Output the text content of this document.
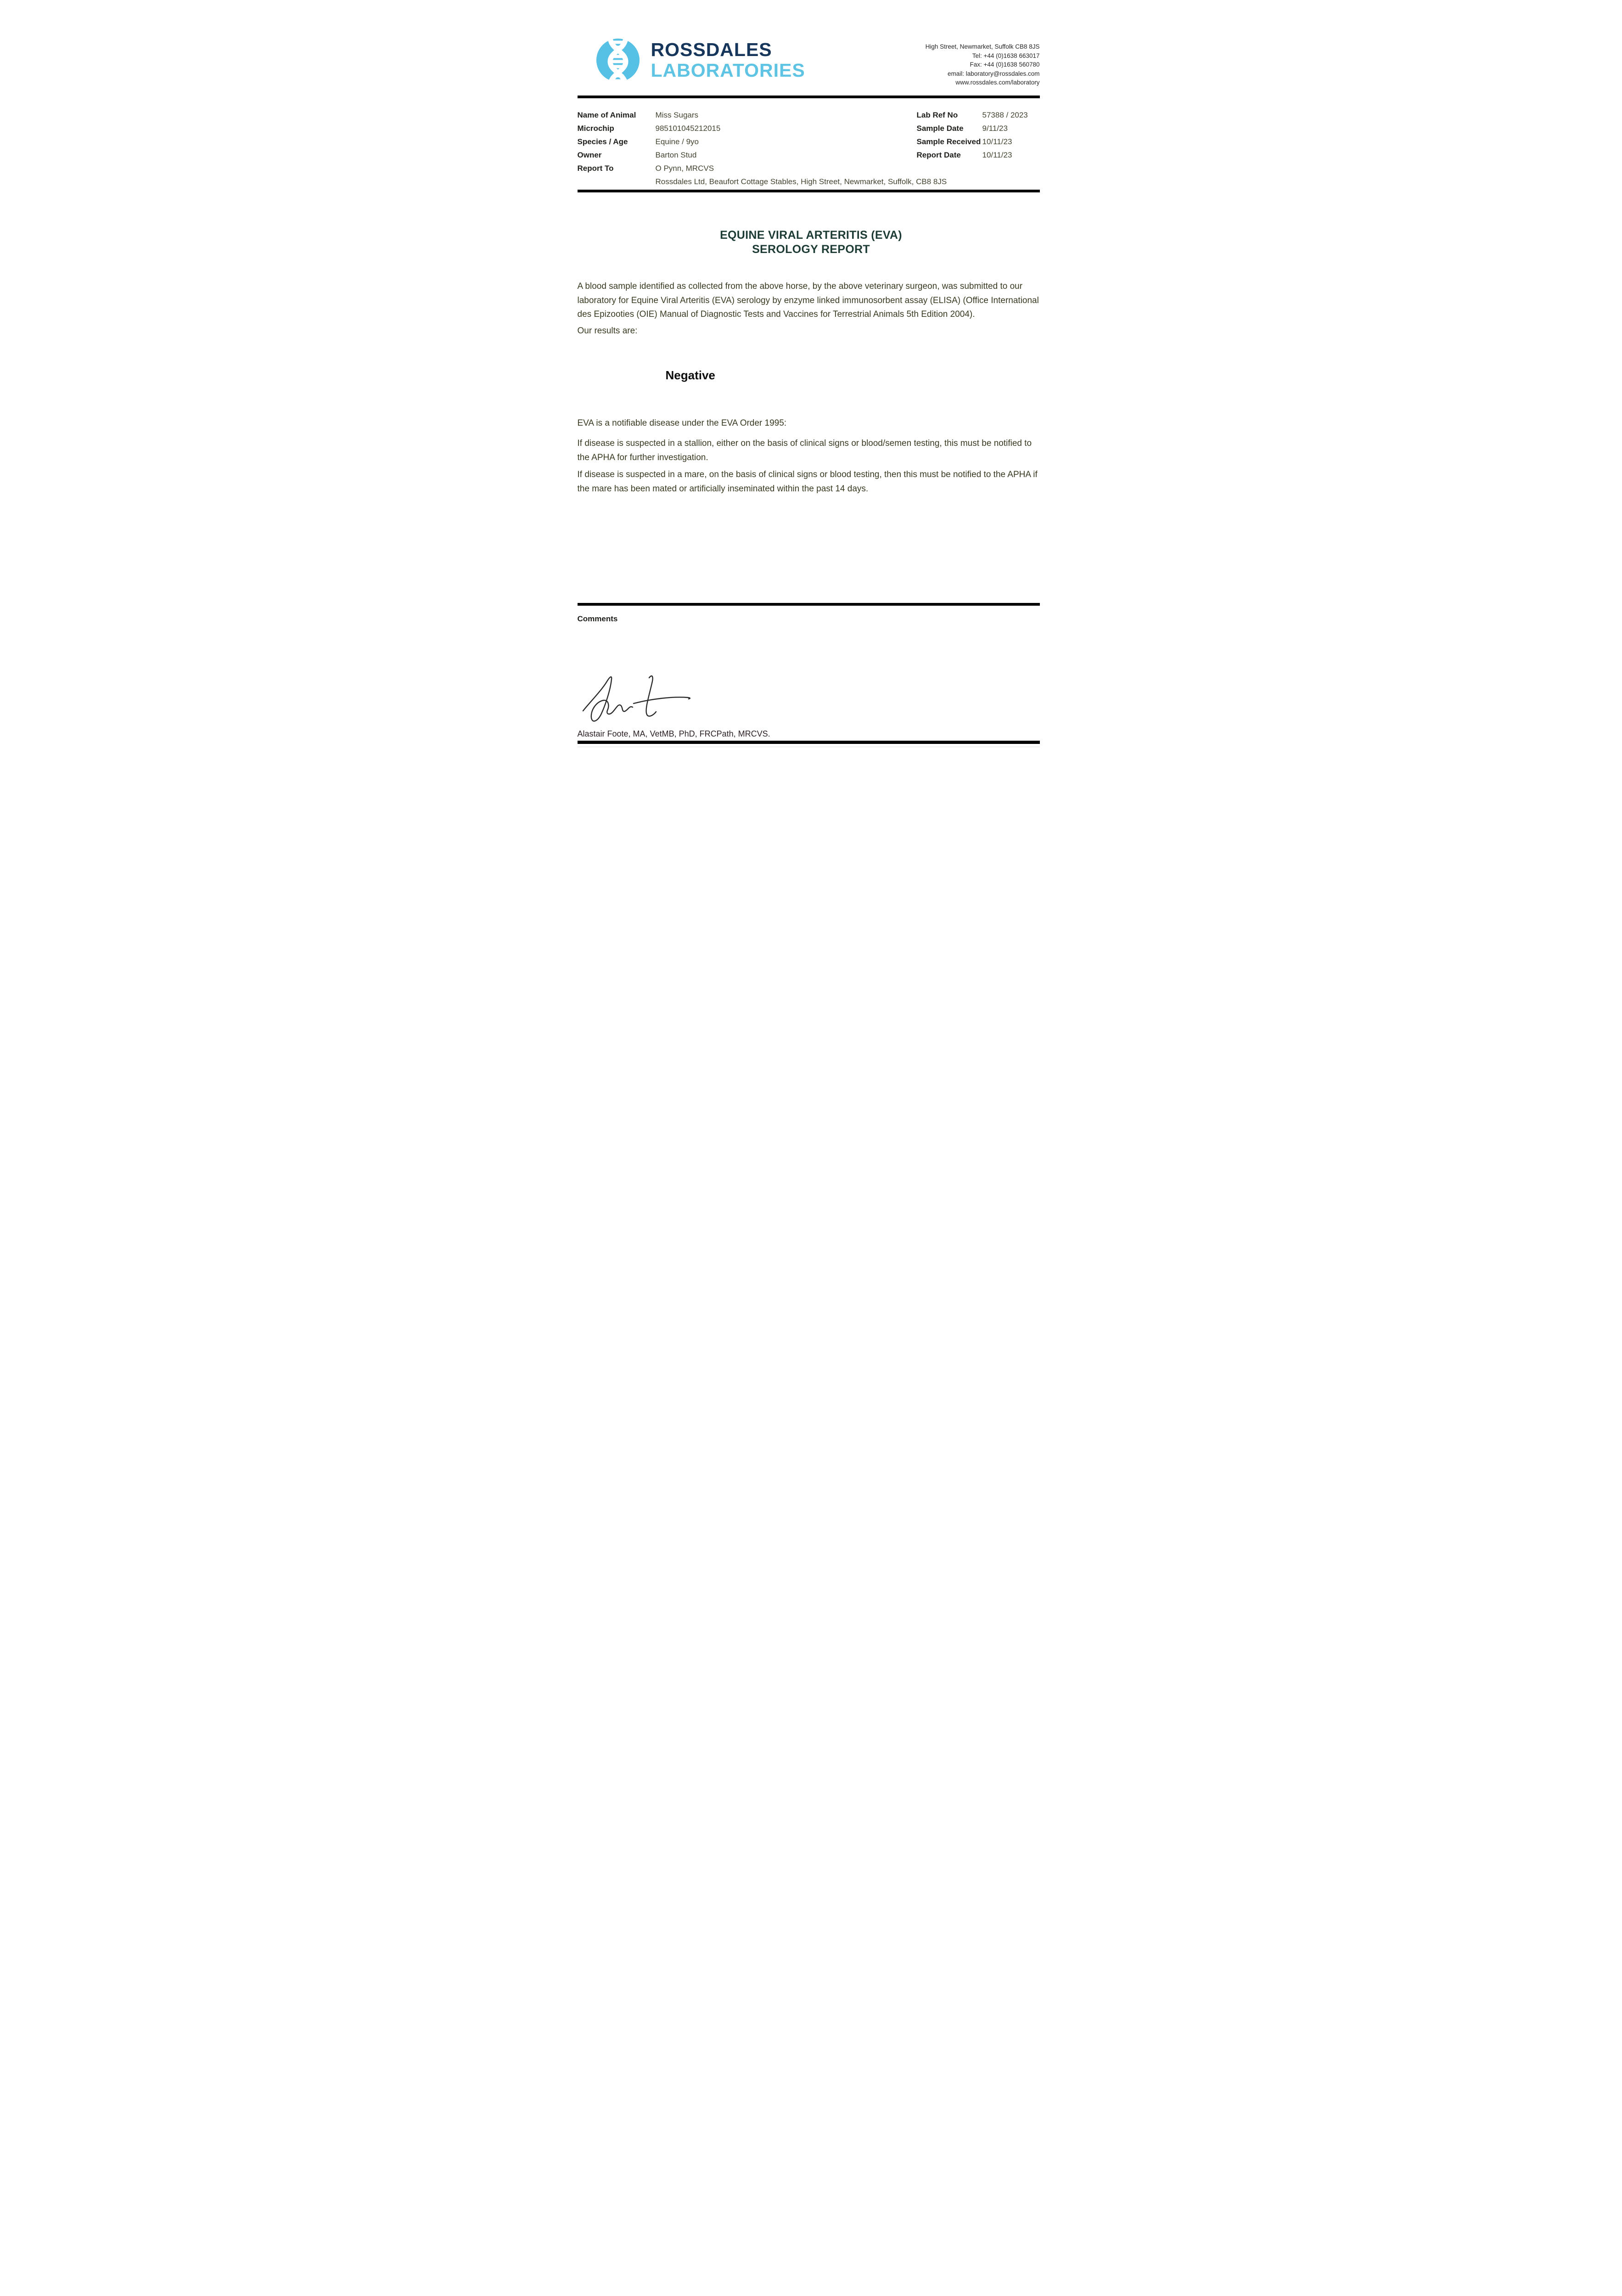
ROSSDALES
LABORATORIES
High Street, Newmarket, Suffolk CB8 8JS
Tel: +44 (0)1638 663017
Fax: +44 (0)1638 560780
email: laboratory@rossdales.com
www.rossdales.com/laboratory
Name of Animal	Miss Sugars	Lab Ref No	57388 / 2023
Microchip	985101045212015	Sample Date	9/11/23
Species / Age	Equine / 9yo	Sample Received 10/11/23
Owner	Barton Stud	Report Date	10/11/23
Report To	O Pynn, MRCVS
Rossdales Ltd, Beaufort Cottage Stables, High Street, Newmarket, Suffolk, CB8 8JS
EQUINE VIRAL ARTERITIS (EVA)
SEROLOGY REPORT
A blood sample identified as collected from the above horse, by the above veterinary surgeon, was submitted to our laboratory for Equine Viral Arteritis (EVA) serology by enzyme linked immunosorbent assay (ELISA) (Office International des Epizooties (OIE) Manual of Diagnostic Tests and Vaccines for Terrestrial Animals 5th Edition 2004).
Our results are:
Negative
EVA is a notifiable disease under the EVA Order 1995:
If disease is suspected in a stallion, either on the basis of clinical signs or blood/semen testing, this must be notified to the APHA for further investigation.
If disease is suspected in a mare, on the basis of clinical signs or blood testing, then this must be notified to the APHA if the mare has been mated or artificially inseminated within the past 14 days.
Comments
Alastair Foote, MA, VetMB, PhD, FRCPath, MRCVS.
